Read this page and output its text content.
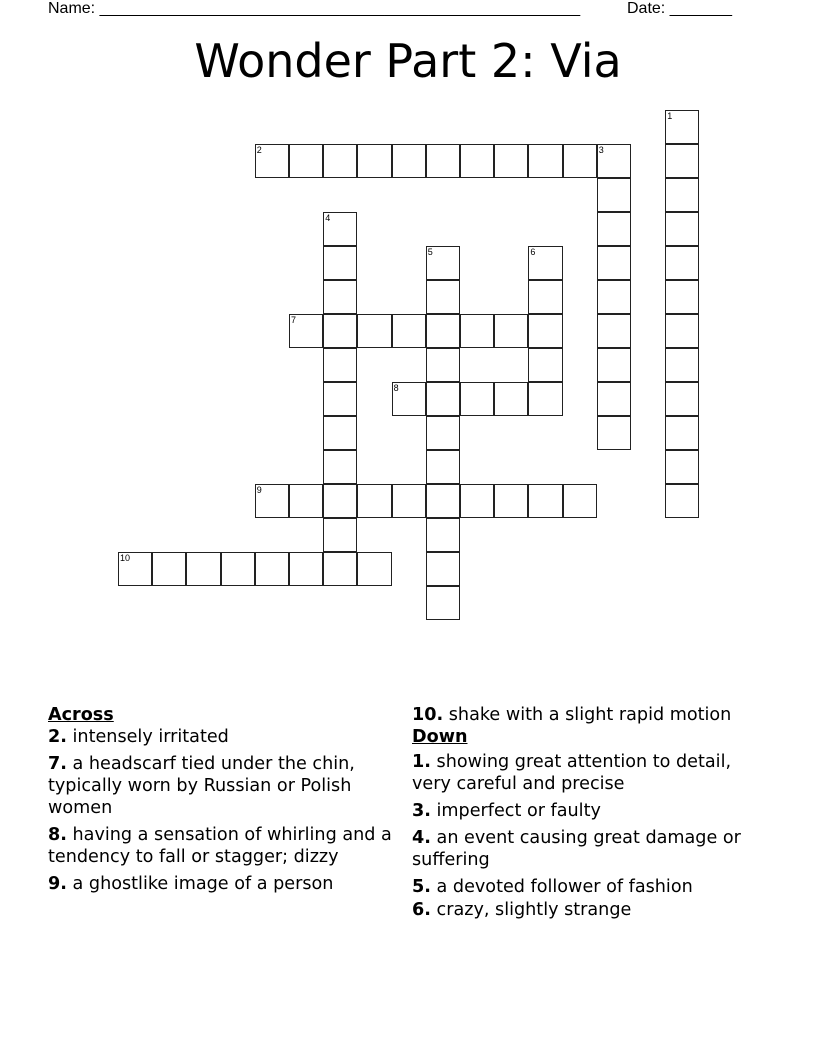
Name: ______________________________________________________	Date: _______
Wonder Part 2: Via
1
2	3
4
5	6
7
8
9
10
Across
2. intensely irritated
7. a headscarf tied under the chin, typically worn by Russian or Polish women
8. having a sensation of whirling and a tendency to fall or stagger; dizzy
9. a ghostlike image of a person
10. shake with a slight rapid motion
Down
1. showing great attention to detail, very careful and precise
3. imperfect or faulty
4. an event causing great damage or suffering
5. a devoted follower of fashion
6. crazy, slightly strange
